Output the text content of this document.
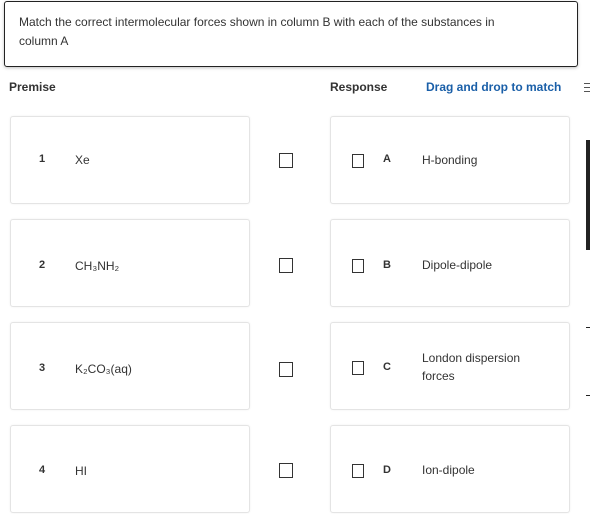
Match the correct intermolecular forces shown in column B with each of the substances in
column A
Premise	Response	Drag and drop to match
1 Xe	A	H-bonding
2 CH₃NH₂	B	Dipole-dipole
3 K₂CO₃(aq)	C
London dispersion
forces
4 HI	D	Ion-dipole
